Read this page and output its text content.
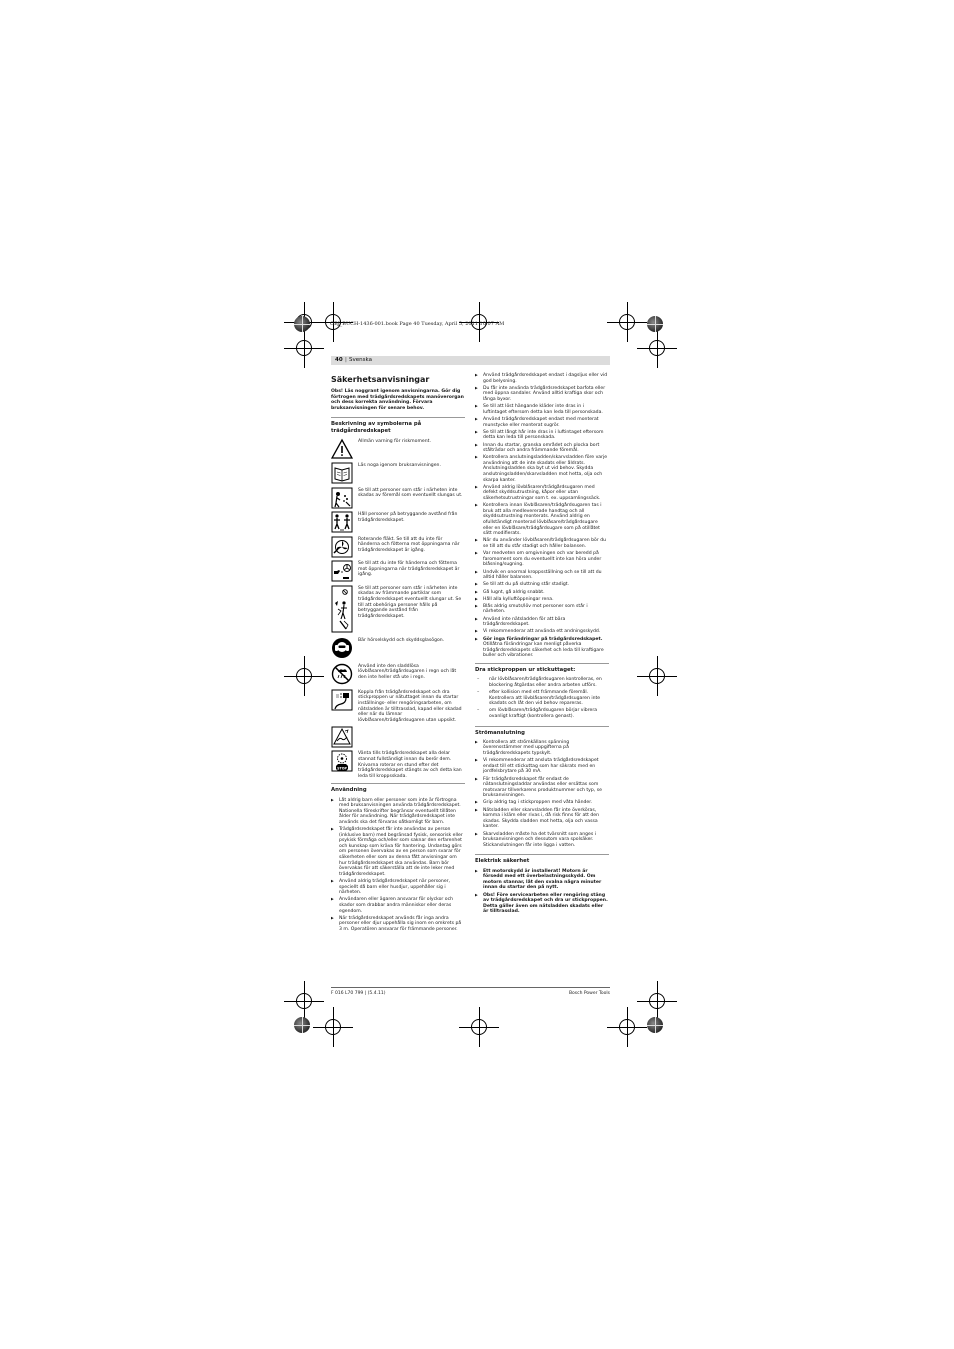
OBJ_BUCH-1436-001.book Page 40 Tuesday, April 5, 2011 10:07 AM
40 | Svenska
Säkerhetsanvisningar

Obs! Läs noggrant igenom anvisningarna. Gör dig förtrogen med trädgårdsredskapets manöverorgan och dess korrekta användning. Förvara bruksanvisningen för senare behov.

Beskrivning av symbolerna på trädgårdsredskapet
Allmän varning för riskmoment.
Läs noga igenom bruksanvisningen.
Se till att personer som står i närheten inte skadas av föremål som eventuellt slungas ut.
Håll personer på betryggande avstånd från trädgårdsredskapet.
Roterande fläkt. Se till att du inte för händerna och fötterna mot öppningarna när trädgårdsredskapet är igång.
Se till att du inte för händerna och fötterna mot öppningarna när trädgårdsredskapet är igång.
Se till att personer som står i närheten inte skadas av främmande partiklar som trädgårdsredskapet eventuellt slungar ut. Se till att obehöriga personer hålls på betryggande avstånd från trädgårdsredskapet.
Bär hörselskydd och skyddsglasögon.
Använd inte den sladdlösa lövblåsaren/trädgårdsugaren i regn och låt den inte heller stå ute i regn.
Koppla från trädgårdsredskapet och dra stickproppen ur nätuttaget innan du startar inställnings- eller rengöringsarbeten, om nätsladden är tilltrasslad, kapad eller skadad eller när du lämnar lövblåsaren/trädgårdsugaren utan uppsikt.
STOP
Vänta tills trädgårdsredskapet alla delar stannat fullständigt innan du berör dem. Knivarna roterar en stund efter det trädgårdsredskapet stängts av och detta kan leda till kroppsskada.
Användning
▶ Låt aldrig barn eller personer som inte är förtrogna med bruksanvisningen använda trädgårdsredskapet. Nationella föreskrifter begränsar eventuellt tillåten ålder för användning. När trädgårdsredskapet inte används ska det förvaras oåtkomligt för barn.
▶ Trädgårdsredskapet får inte användas av person (inklusive barn) med begränsad fysisk, sensorisk eller psykisk förmåga och/eller som saknar den erfarenhet och kunskap som kräva för hantering. Undantag görs om personen övervakas av en person som svarar för säkerheten eller som av denna fått anvisningar om hur trädgårdsredskapet ska användas. Barn bör övervakas för att säkerställa att de inte leker med trädgårdsredskapet.
▶ Använd aldrig trädgårdsredskapet när personer, speciellt då barn eller husdjur, uppehåller sig i närheten.
▶ Användaren eller ägaren ansvarar för olyckor och skador som drabbar andra människor eller deras egendom.
▶ När trädgårdsredskapet används får inga andra personer eller djur uppehålla sig inom en omkrets på 3 m. Operatören ansvarar för främmande personer.
▶ Använd trädgårdsredskapet endast i dagsljus eller vid god belysning.
▶ Du får inte använda trädgårdsredskapet barfota eller med öppna sandaler. Använd alltid kraftiga skor och långa byxor.
▶ Se till att löst hängande kläder inte dras in i luftintaget eftersom detta kan leda till personskada.
▶ Använd trädgårdsredskapet endast med monterat munstycke eller monterat sugrör.
▶ Se till att långt hår inte dras in i luftintaget eftersom detta kan leda till personskada.
▶ Innan du startar, granska området och plocka bort stålträdar och andra främmande föremål.
▶ Kontrollera anslutningsladden/skarvsladden före varje användning att de inte skadats eller åldrats. Anslutningsladden ska byt ut vid behov. Skydda anslutningsladden/skarvsladden mot hetta, olja och skarpa kanter.
▶ Använd aldrig lövblåsaren/trädgårdsugaren med defekt skyddsutrustning, kåpor eller utan säkerhetsutrustningar som t. ex. uppsamlingssäck.
▶ Kontrollera innan lövblåsaren/trädgårdsugaren tas i bruk att alla medlevererade handtag och all skyddsutrustning monterats. Använd aldrig en ofullständigt monterad lövblåsare/trädgårdsugare eller en lövblåsare/trädgårdsugare som på otillåtet sätt modifierats.
▶ När du använder lövblåsaren/trädgårdsugaren bör du se till att du står stadigt och håller balansen.
▶ Var medveten om omgivningen och var beredd på faromoment som du eventuellt inte kan höra under blåsning/sugning.
▶ Undvik en onormal kroppsställning och se till att du alltid håller balansen.
▶ Se till att du på sluttning står stadigt.
▶ Gå lugnt, gå aldrig snabbt.
▶ Håll alla kylluftöppningar rena.
▶ Blås aldrig smuts/löv mot personer som står i närheten.
▶ Använd inte nätsladden för att bära trädgårdsredskapet.
▶ Vi rekommenderar att använda ett andningsskydd.
▶ Gör inga förändringar på trädgårdsredskapet. Otillåtna förändringar kan menligt påverka trädgårdsredskapets säkerhet och leda till kraftigare buller och vibrationer.
Dra stickproppen ur stickuttaget:
– när lövblåsaren/trädgårdsugaren kontrolleras, en blockering åtgärdas eller andra arbeten utförs.
– efter kollision med ett främmande föremål. Kontrollera att lövblåsaren/trädgårdsugaren inte skadats och låt den vid behov repareras.
– om lövblåsaren/trädgårdsugaren börjar vibrera ovanligt kraftigt (kontrollera genast).
Strömanslutning
▶ Kontrollera att strömkällans spänning överensstämmer med uppgifterna på trädgårdsredskapets typskylt.
▶ Vi rekommenderar att ansluta trädgårdsredskapet endast till ett stickuttag som har säkrats med en jordfelsbrytare på 30 mA.
▶ För trädgårdsredskapet får endast de nätanslutningsladdar användas eller ersättas som motsvarar tillverkarens produktnummer och typ, se bruksanvisningen.
▶ Grip aldrig tag i stickproppen med våta händer.
▶ Nätsladden eller skarvsladden får inte överköras, komma i kläm eller rivas i, då risk finns för att den skadas. Skydda sladden mot hetta, olja och vassa kanter.
▶ Skarvsladden måste ha det tvärsnitt som anges i bruksanvisningen och dessutom vara spolsäker. Stickanslutningen får inte ligga i vatten.
Elektrisk säkerhet
▶ Ett motorskydd är installerat! Motorn är försedd med ett överbelastningsskydd. Om motorn stannar, låt den svalna några minuter innan du startar den på nytt.
▶ Obs! Före servicearbeten eller rengöring stäng av trädgårdsredskapet och dra ur stickproppen. Detta gäller även om nätsladden skadats eller är tilltrasslad.
F 016 L70 799 | (5.4.11)	Bosch Power Tools
